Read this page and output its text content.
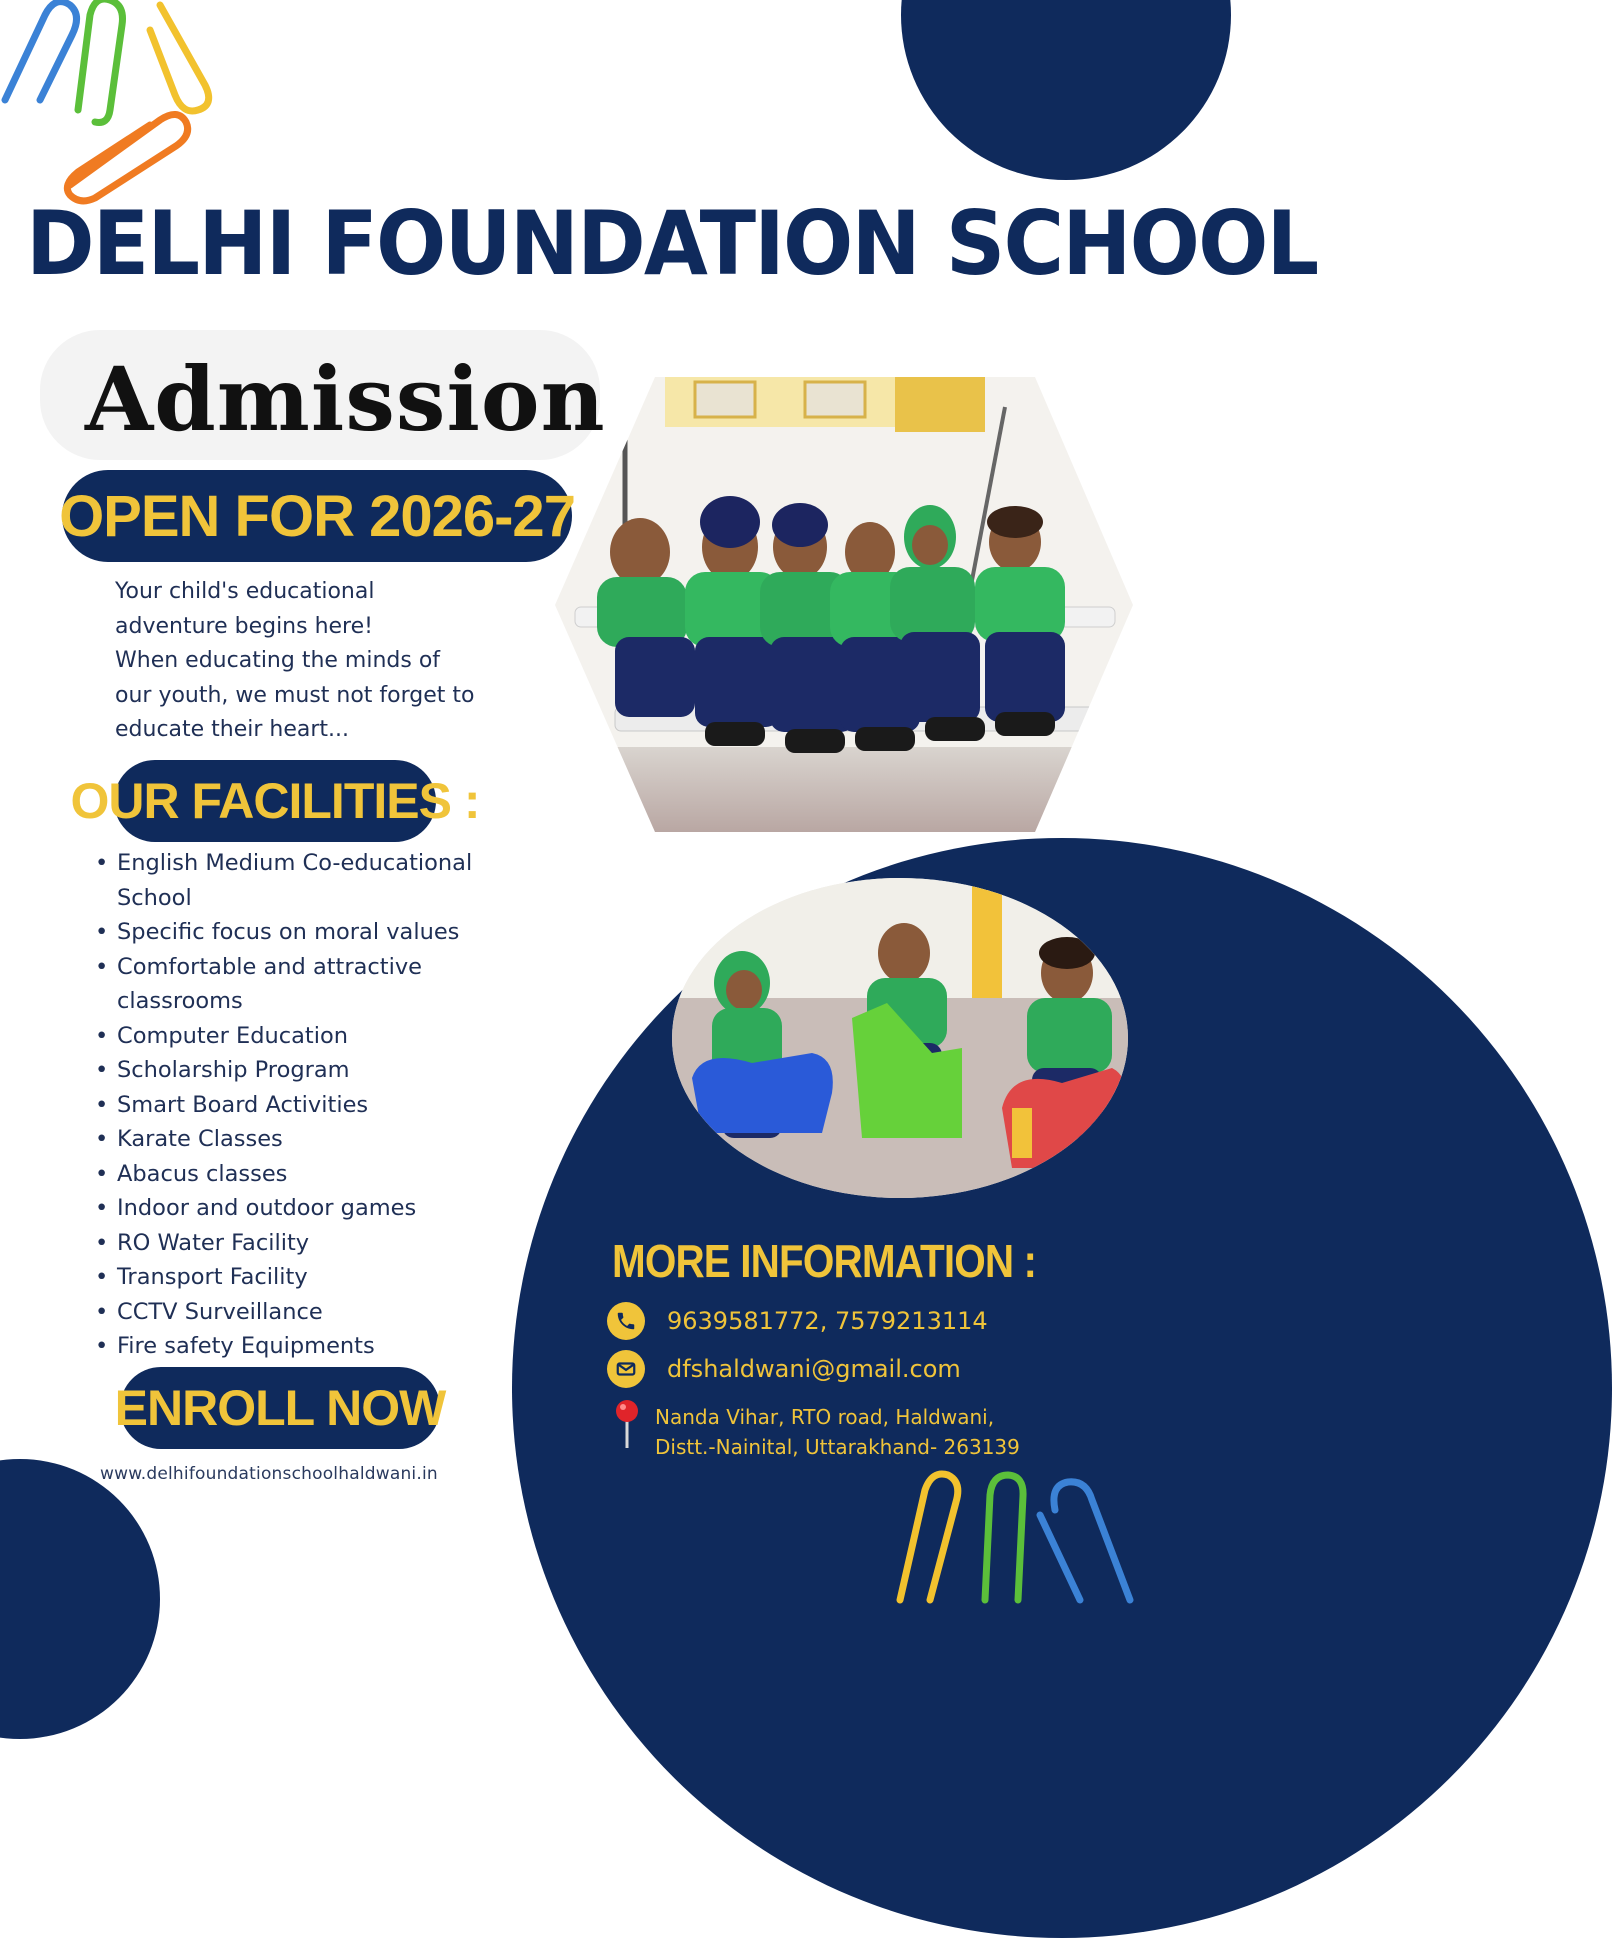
DELHI FOUNDATION SCHOOL
Admission
OPEN FOR 2026-27
Your child's educational
adventure begins here!
When educating the minds of
our youth, we must not forget to
educate their heart...
OUR FACILITIES :
• English Medium Co-educational School
• Specific focus on moral values
• Comfortable and attractive classrooms
• Computer Education
• Scholarship Program
• Smart Board Activities
• Karate Classes
• Abacus classes
• Indoor and outdoor games
• RO Water Facility
• Transport Facility
• CCTV Surveillance
• Fire safety Equipments
ENROLL NOW
www.delhifoundationschoolhaldwani.in
MORE INFORMATION :
9639581772, 7579213114
dfshaldwani@gmail.com
Nanda Vihar, RTO road, Haldwani,
Distt.-Nainital, Uttarakhand- 263139
